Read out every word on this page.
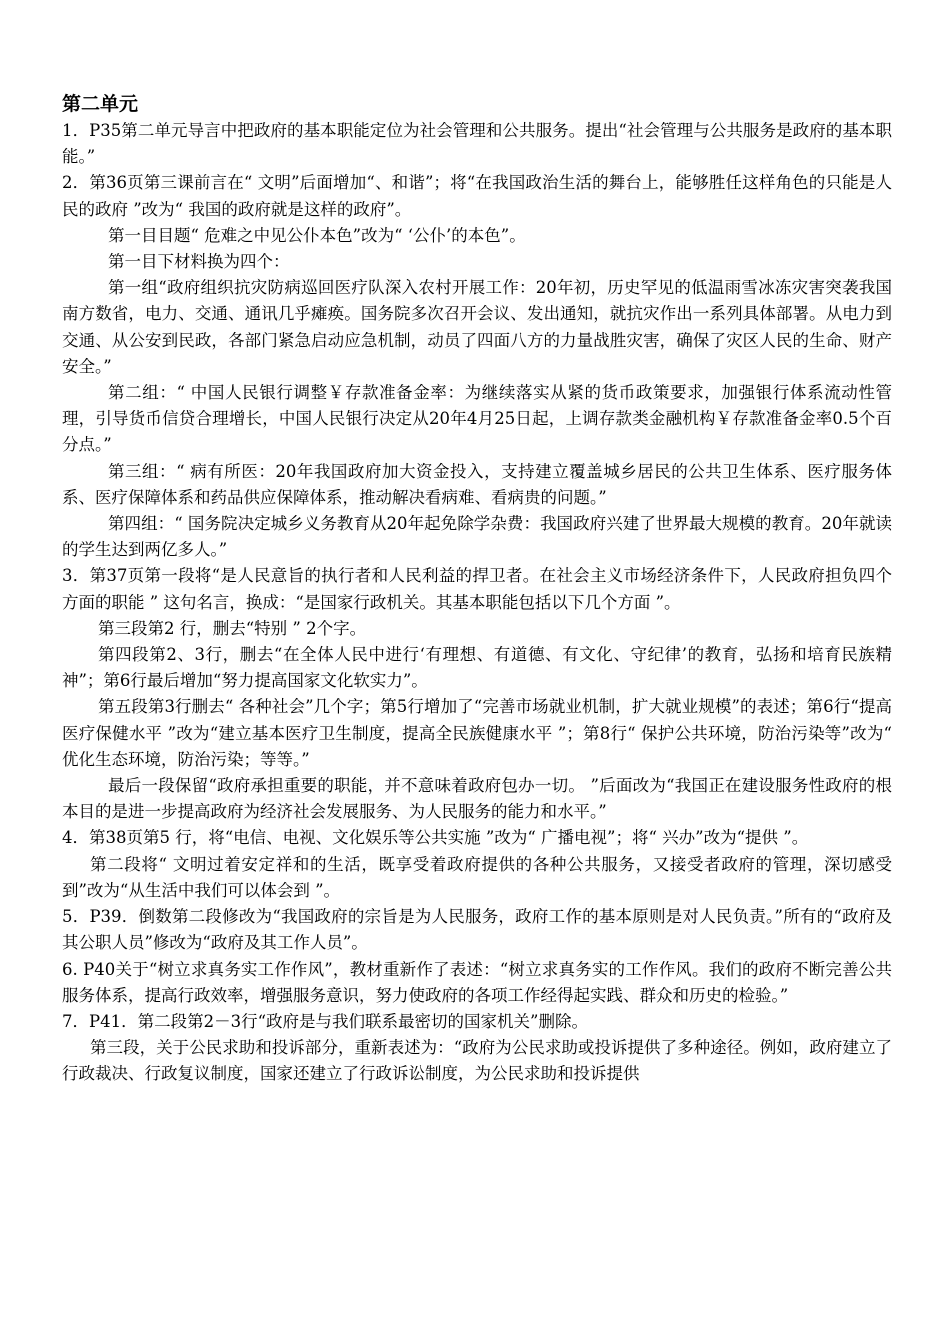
第二单元

1．P35第二单元导言中把政府的基本职能定位为社会管理和公共服务。提出“社会管理与公共服务是政府的基本职能。”

2．第36页第三课前言在“ 文明”后面增加“、和谐”；将“在我国政治生活的舞台上，能够胜任这样角色的只能是人民的政府 ”改为“ 我国的政府就是这样的政府”。

第一目目题“ 危难之中见公仆本色”改为“ ‘公仆’的本色”。

第一目下材料换为四个：

第一组“政府组织抗灾防病巡回医疗队深入农村开展工作：20年初，历史罕见的低温雨雪冰冻灾害突袭我国南方数省，电力、交通、通讯几乎瘫痪。国务院多次召开会议、发出通知，就抗灾作出一系列具体部署。从电力到交通、从公安到民政，各部门紧急启动应急机制，动员了四面八方的力量战胜灾害，确保了灾区人民的生命、财产安全。”

第二组：“ 中国人民银行调整￥存款准备金率：为继续落实从紧的货币政策要求，加强银行体系流动性管理，引导货币信贷合理增长，中国人民银行决定从20年4月25日起，上调存款类金融机构￥存款准备金率0.5个百分点。”

第三组：“ 病有所医：20年我国政府加大资金投入，支持建立覆盖城乡居民的公共卫生体系、医疗服务体系、医疗保障体系和药品供应保障体系，推动解决看病难、看病贵的问题。”

第四组：“ 国务院决定城乡义务教育从20年起免除学杂费：我国政府兴建了世界最大规模的教育。20年就读的学生达到两亿多人。”

3．第37页第一段将“是人民意旨的执行者和人民利益的捍卫者。在社会主义市场经济条件下，人民政府担负四个方面的职能 ” 这句名言，换成：“是国家行政机关。其基本职能包括以下几个方面 ”。

第三段第2 行，删去“特别 ” 2个字。

第四段第2、3行，删去“在全体人民中进行‘有理想、有道德、有文化、守纪律’的教育，弘扬和培育民族精神”；第6行最后增加“努力提高国家文化软实力”。

第五段第3行删去“ 各种社会”几个字；第5行增加了“完善市场就业机制，扩大就业规模”的表述；第6行“提高医疗保健水平 ”改为“建立基本医疗卫生制度，提高全民族健康水平 ”；第8行“ 保护公共环境，防治污染等”改为“ 优化生态环境，防治污染；等等。”

最后一段保留“政府承担重要的职能，并不意味着政府包办一切。 ”后面改为“我国正在建设服务性政府的根本目的是进一步提高政府为经济社会发展服务、为人民服务的能力和水平。”

4．第38页第5 行，将“电信、电视、文化娱乐等公共实施 ”改为“ 广播电视”；将“ 兴办”改为“提供 ”。

第二段将“ 文明过着安定祥和的生活，既享受着政府提供的各种公共服务，又接受者政府的管理，深切感受到”改为“从生活中我们可以体会到 ”。

5．P39．倒数第二段修改为“我国政府的宗旨是为人民服务，政府工作的基本原则是对人民负责。”所有的“政府及其公职人员”修改为“政府及其工作人员”。

6. P40关于“树立求真务实工作作风”，教材重新作了表述：“树立求真务实的工作作风。我们的政府不断完善公共服务体系，提高行政效率，增强服务意识，努力使政府的各项工作经得起实践、群众和历史的检验。”

7．P41．第二段第2－3行“政府是与我们联系最密切的国家机关”删除。

第三段，关于公民求助和投诉部分，重新表述为：“政府为公民求助或投诉提供了多种途径。例如，政府建立了行政裁决、行政复议制度，国家还建立了行政诉讼制度，为公民求助和投诉提供
